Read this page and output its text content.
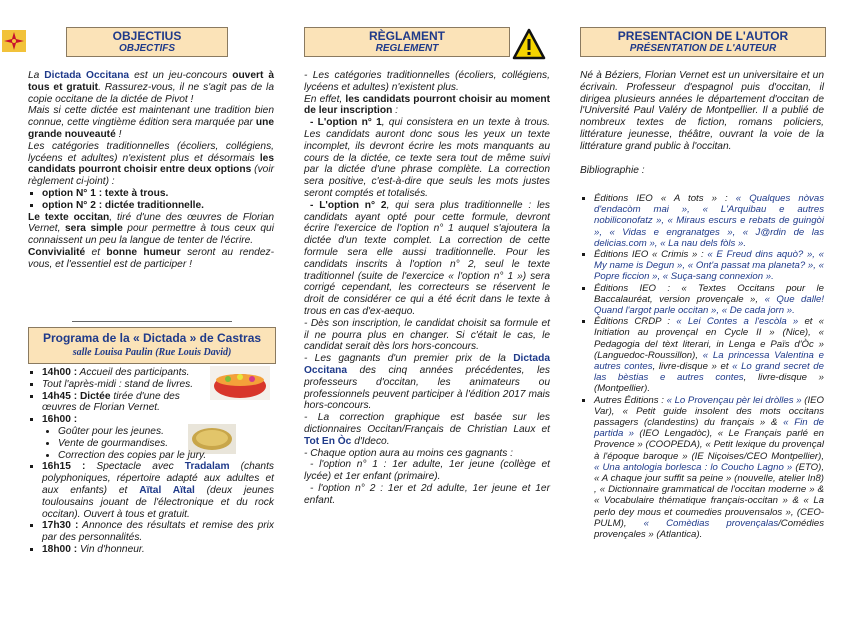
OBJECTIUS
OBJECTIFS

La Dictada Occitana est un jeu-concours ouvert à tous et gratuit. Rassurez-vous, il ne s'agit pas de la copie occitane de la dictée de Pivot !

Mais si cette dictée est maintenant une tradition bien connue, cette vingtième édition sera marquée par une grande nouveauté !

Les catégories traditionnelles (écoliers, collégiens, lycéens et adultes) n'existent plus et désormais les candidats pourront choisir entre deux options (voir règlement ci-joint) :

▪ option N° 1 : texte à trous.
▪ option N° 2 : dictée traditionnelle.

Le texte occitan, tiré d'une des œuvres de Florian Vernet, sera simple pour permettre à tous ceux qui connaissent un peu la langue de tenter de l'écrire.

Convivialité et bonne humeur seront au rendez-vous, et l'essentiel est de participer !

Programa de la « Dictada » de Castras
salle Louisa Paulin (Rue Louis David)
▪ 14h00 : Accueil des participants.
▪ Tout l'après-midi : stand de livres.
▪ 14h45 : Dictée tirée d'une des œuvres de Florian Vernet.
▪ 16h00 :
• Goûter pour les jeunes.
• Vente de gourmandises.
• Correction des copies par le jury.
▪ 16h15 : Spectacle avec Tradalam (chants polyphoniques, répertoire adapté aux adultes et aux enfants) et Aïtal Aïtal (deux jeunes toulousains jouant de l'électronique et du rock occitan). Ouvert à tous et gratuit.
▪ 17h30 : Annonce des résultats et remise des prix par des personnalités.
▪ 18h00 : Vin d'honneur.
RÈGLAMENT
REGLEMENT

- Les catégories traditionnelles (écoliers, collégiens, lycéens et adultes) n'existent plus.

En effet, les candidats pourront choisir au moment de leur inscription :

- L'option n° 1, qui consistera en un texte à trous. Les candidats auront donc sous les yeux un texte incomplet, ils devront écrire les mots manquants au cours de la dictée, ce texte sera tout de même suivi par la dictée d'une phrase complète. La correction sera positive, c'est-à-dire que seuls les mots justes seront comptés et totalisés.

- L'option n° 2, qui sera plus traditionnelle : les candidats ayant opté pour cette formule, devront écrire l'exercice de l'option n° 1 auquel s'ajoutera la dictée d'un texte complet. La correction de cette formule sera elle aussi traditionnelle. Pour les candidats inscrits à l'option n° 2, seul le texte traditionnel (suite de l'exercice « l'option n° 1 ») sera corrigé cependant, les correcteurs se réservent le droit de considérer ce qui a été écrit dans le texte à trous en cas d'ex-aequo.

- Dès son inscription, le candidat choisit sa formule et il ne pourra plus en changer. Si c'était le cas, le candidat serait dès lors hors-concours.

- Les gagnants d'un premier prix de la Dictada Occitana des cinq années précédentes, les professeurs d'occitan, les animateurs ou professionnels peuvent participer à l'édition 2017 mais hors-concours.

- La correction graphique est basée sur les dictionnaires Occitan/Français de Christian Laux et Tot En Òc d'Ideco.

- Chaque option aura au moins ces gagnants :

- l'option n° 1 : 1er adulte, 1er jeune (collège et lycée) et 1er enfant (primaire).

- l'option n° 2 : 1er et 2d adulte, 1er jeune et 1er enfant.

PRESENTACION DE L'AUTOR
PRÉSENTATION DE L'AUTEUR

Né à Béziers, Florian Vernet est un universitaire et un écrivain. Professeur d'espagnol puis d'occitan, il dirigea plusieurs années le département d'occitan de l'Université Paul Valéry de Montpellier. Il a publié de nombreux textes de fiction, romans policiers, littérature jeunesse, théâtre, ouvrant la voie de la littérature grand public à l'occitan.

Bibliographie :

▪ Éditions IEO « A tots » : « Qualques nòvas d'endacòm mai », « L'Arquibau e autres nobiliconofatz », « Miraus escurs e rebats de guingòi », « Vidas e engranatges », « J@rdin de las delicias.com », « La nau dels fòls ».
▪ Éditions IEO « Crimis » : « E Freud dins aquò? », « My name is Degun », « Ont'a passat ma planeta? », « Popre ficcion », « Suça-sang connexion ».
▪ Éditions IEO : « Textes Occitans pour le Baccalauréat, version provençale », « Que dalle! Quand l'argot parle occitan », « De cada jorn ».
▪ Éditions CRDP : « Lei Contes a l'escòla » et « Initiation au provençal en Cycle II » (Nice), « Pedagogia del tèxt literari, in Lenga e Païs d'Òc » (Languedoc-Roussillon), « La princessa Valentina e autres contes, livre-disque » et « Lo grand secret de las bèstias e autres contes, livre-disque » (Montpellier).
▪ Autres Éditions : « Lo Provençau pèr lei dròlles » (IEO Var), « Petit guide insolent des mots occitans passagers (clandestins) du français » & « Fin de partida » (IEO Lengadòc), « Le Français parlé en Provence » (COOPEDA), « Petit lexique du provençal à l'époque baroque » (IE Niçoises/CEO Montpellier), « Una antologia borlesca : lo Coucho Lagno » (ETO), « A chaque jour suffit sa peine » (nouvelle, atelier In8) , « Dictionnaire grammatical de l'occitan moderne » & « Vocabulaire thématique français-occitan » & « La perlo dey mous et coumedies prouvensalos », (CEO-PULM), « Comèdias provençalas/Comédies provençales » (Atlantica).
